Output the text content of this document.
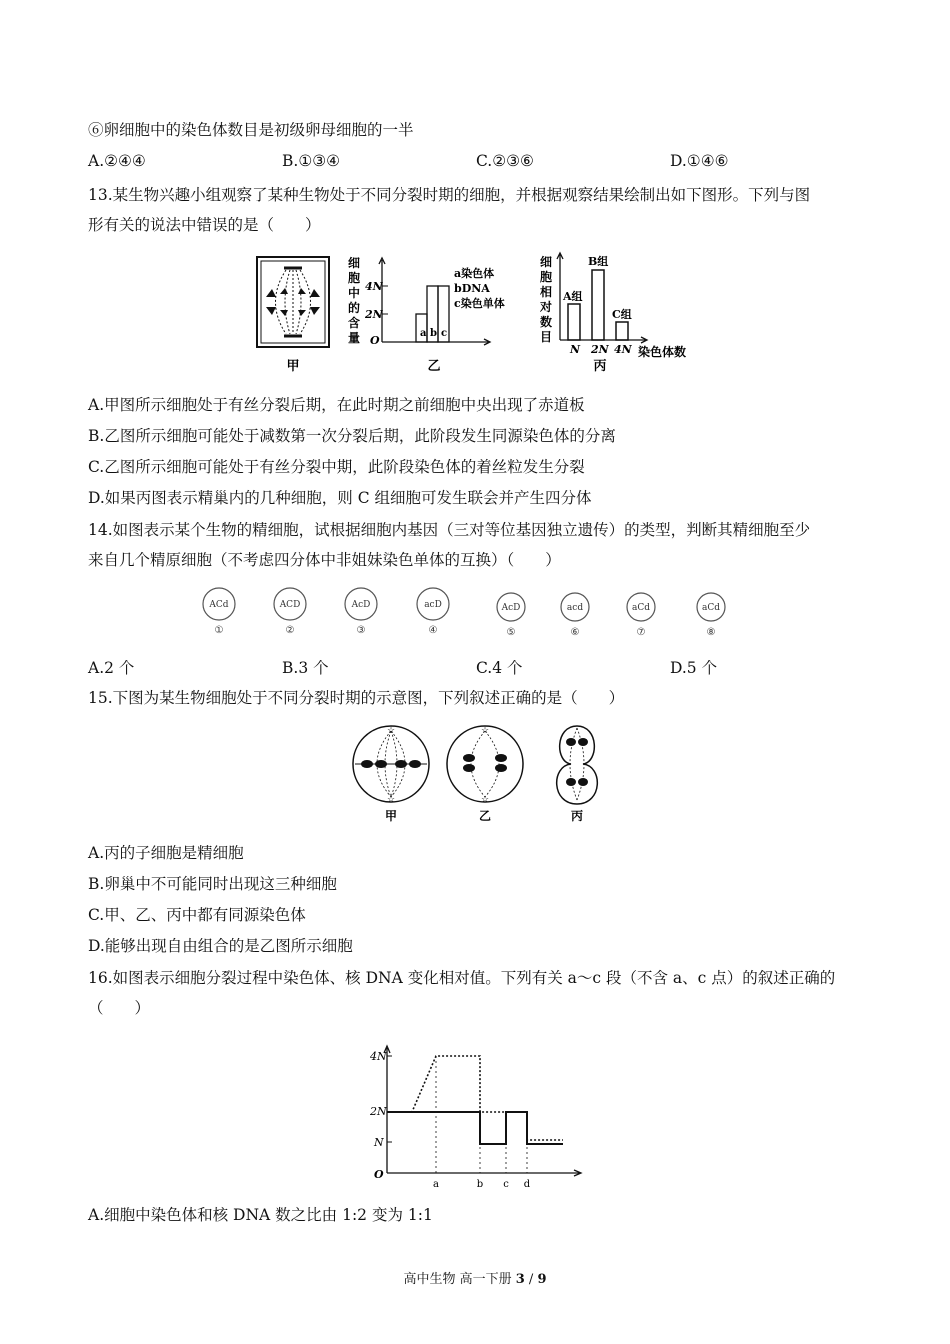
⑥卵细胞中的染色体数目是初级卵母细胞的一半
A.②④④	B.①③④	C.②③⑥	D.①④⑥
13.某生物兴趣小组观察了某种生物处于不同分裂时期的细胞，并根据观察结果绘制出如下图形。下列与图
形有关的说法中错误的是（　　）
甲
细
胞
中
的
含
量
4N
2N
O
a b c
a染色体
bDNA
c染色单体
乙
细
胞
相
对
数
目
A组
B组
C组
N 2N 4N 染色体数
丙
A.甲图所示细胞处于有丝分裂后期，在此时期之前细胞中央出现了赤道板
B.乙图所示细胞可能处于减数第一次分裂后期，此阶段发生同源染色体的分离
C.乙图所示细胞可能处于有丝分裂中期，此阶段染色体的着丝粒发生分裂
D.如果丙图表示精巢内的几种细胞，则 C 组细胞可发生联会并产生四分体
14.如图表示某个生物的精细胞，试根据细胞内基因（三对等位基因独立遗传）的类型，判断其精细胞至少
来自几个精原细胞（不考虑四分体中非姐妹染色单体的互换）（　　）
ACd
①
ACD
②
AcD
③
acD
④
AcD
⑤
acd
⑥
aCd
⑦
aCd
⑧
A.2 个	B.3 个	C.4 个	D.5 个
15.下图为某生物细胞处于不同分裂时期的示意图，下列叙述正确的是（　　）
☆
☆
甲
☆
☆
乙	丙
A.丙的子细胞是精细胞
B.卵巢中不可能同时出现这三种细胞
C.甲、乙、丙中都有同源染色体
D.能够出现自由组合的是乙图所示细胞
16.如图表示细胞分裂过程中染色体、核 DNA 变化相对值。下列有关 a～c 段（不含 a、c 点）的叙述正确的
（　　）
4N
2N
N
O
a	b c d
A.细胞中染色体和核 DNA 数之比由 1:2 变为 1:1
高中生物 高一下册 3 / 9
